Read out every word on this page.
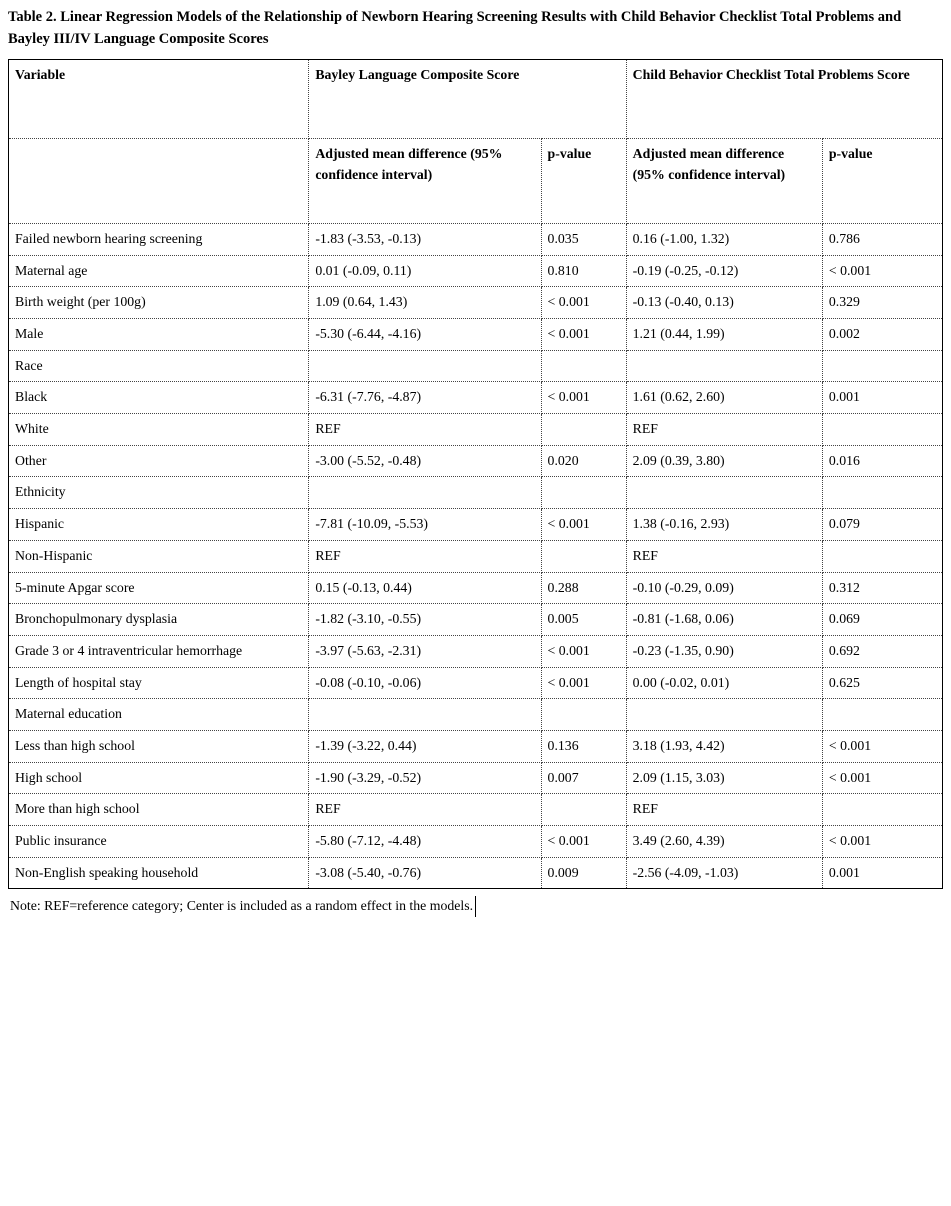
Table 2. Linear Regression Models of the Relationship of Newborn Hearing Screening Results with Child Behavior Checklist Total Problems and Bayley III/IV Language Composite Scores
Variable	Bayley Language Composite Score		Child Behavior Checklist Total Problems Score	
	Adjusted mean difference (95% confidence interval)	p-value	Adjusted mean difference (95% confidence interval)	p-value
Failed newborn hearing screening	-1.83 (-3.53, -0.13)	0.035	0.16 (-1.00, 1.32)	0.786
Maternal age	0.01 (-0.09, 0.11)	0.810	-0.19 (-0.25, -0.12)	< 0.001
Birth weight (per 100g)	1.09 (0.64, 1.43)	< 0.001	-0.13 (-0.40, 0.13)	0.329
Male	-5.30 (-6.44, -4.16)	< 0.001	1.21 (0.44, 1.99)	0.002
Race				
Black	-6.31 (-7.76, -4.87)	< 0.001	1.61 (0.62, 2.60)	0.001
White	REF		REF	
Other	-3.00 (-5.52, -0.48)	0.020	2.09 (0.39, 3.80)	0.016
Ethnicity				
Hispanic	-7.81 (-10.09, -5.53)	< 0.001	1.38 (-0.16, 2.93)	0.079
Non-Hispanic	REF		REF	
5-minute Apgar score	0.15 (-0.13, 0.44)	0.288	-0.10 (-0.29, 0.09)	0.312
Bronchopulmonary dysplasia	-1.82 (-3.10, -0.55)	0.005	-0.81 (-1.68, 0.06)	0.069
Grade 3 or 4 intraventricular hemorrhage	-3.97 (-5.63, -2.31)	< 0.001	-0.23 (-1.35, 0.90)	0.692
Length of hospital stay	-0.08 (-0.10, -0.06)	< 0.001	0.00 (-0.02, 0.01)	0.625
Maternal education				
Less than high school	-1.39 (-3.22, 0.44)	0.136	3.18 (1.93, 4.42)	< 0.001
High school	-1.90 (-3.29, -0.52)	0.007	2.09 (1.15, 3.03)	< 0.001
More than high school	REF		REF	
Public insurance	-5.80 (-7.12, -4.48)	< 0.001	3.49 (2.60, 4.39)	< 0.001
Non-English speaking household	-3.08 (-5.40, -0.76)	0.009	-2.56 (-4.09, -1.03)	0.001
Note: REF=reference category; Center is included as a random effect in the models.
